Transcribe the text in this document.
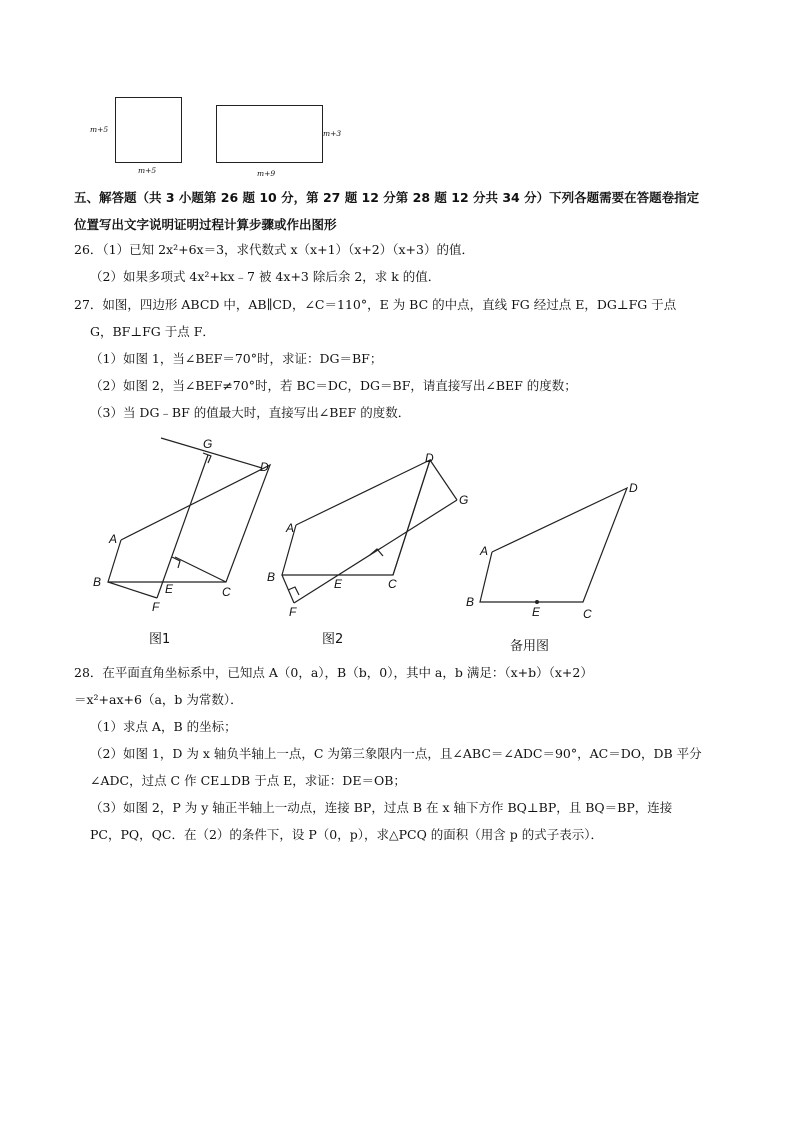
m+5
m+5
m+3
m+9
五、解答题（共 3 小题第 26 题 10 分，第 27 题 12 分第 28 题 12 分共 34 分）下列各题需要在答题卷指定
位置写出文字说明证明过程计算步骤或作出图形
26．（1）已知 2x²+6x＝3，求代数式 x（x+1）（x+2）（x+3）的值．
（2）如果多项式 4x²+kx﹣7 被 4x+3 除后余 2，求 k 的值．
27．如图，四边形 ABCD 中，AB∥CD，∠C＝110°，E 为 BC 的中点，直线 FG 经过点 E，DG⊥FG 于点
G，BF⊥FG 于点 F．
（1）如图 1，当∠BEF＝70°时，求证：DG＝BF；
（2）如图 2，当∠BEF≠70°时，若 BC＝DC，DG＝BF，请直接写出∠BEF 的度数；
（3）当 DG﹣BF 的值最大时，直接写出∠BEF 的度数．
G
D
A
B	E	C
F
D
G
A
B	E	C
F
D
A
B
E	C
图1	图2	备用图
28．在平面直角坐标系中，已知点 A（0，a），B（b，0），其中 a，b 满足：（x+b）（x+2）
＝x²+ax+6（a，b 为常数）．
（1）求点 A，B 的坐标；
（2）如图 1，D 为 x 轴负半轴上一点，C 为第三象限内一点，且∠ABC＝∠ADC＝90°，AC＝DO，DB 平分
∠ADC，过点 C 作 CE⊥DB 于点 E，求证：DE＝OB；
（3）如图 2，P 为 y 轴正半轴上一动点，连接 BP，过点 B 在 x 轴下方作 BQ⊥BP，且 BQ＝BP，连接
PC，PQ，QC．在（2）的条件下，设 P（0，p），求△PCQ 的面积（用含 p 的式子表示）．
